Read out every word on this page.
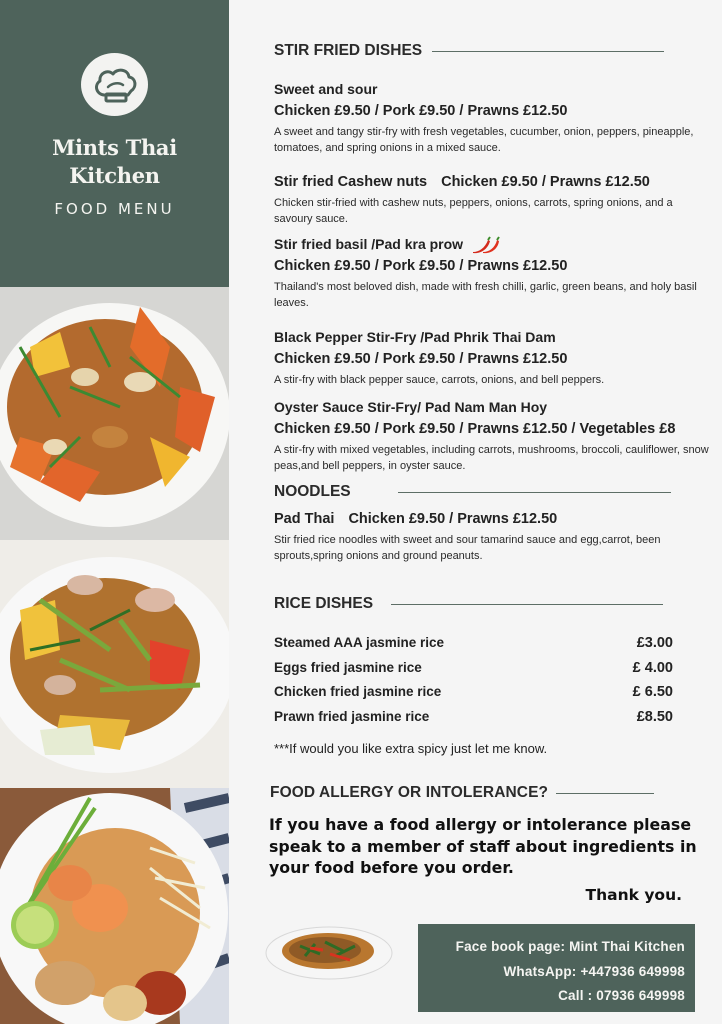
Mints Thai
Kitchen
FOOD MENU
STIR FRIED DISHES
Sweet and sour
Chicken £9.50 / Pork £9.50 / Prawns £12.50
A sweet and tangy stir-fry with fresh vegetables, cucumber, onion, peppers, pineapple, tomatoes, and spring onions in a mixed sauce.
Stir fried Cashew nuts Chicken £9.50 / Prawns £12.50
Chicken stir-fried with cashew nuts, peppers, onions, carrots, spring onions, and a savoury sauce.
Stir fried basil /Pad kra prow
Chicken £9.50 / Pork £9.50 / Prawns £12.50
Thailand's most beloved dish, made with fresh chilli, garlic, green beans, and holy basil leaves.
Black Pepper Stir-Fry /Pad Phrik Thai Dam
Chicken £9.50 / Pork £9.50 / Prawns £12.50
A stir-fry with black pepper sauce, carrots, onions, and bell peppers.
Oyster Sauce Stir-Fry/ Pad Nam Man Hoy
Chicken £9.50 / Pork £9.50 / Prawns £12.50 / Vegetables £8
A stir-fry with mixed vegetables, including carrots, mushrooms, broccoli, cauliflower, snow peas,and bell peppers, in oyster sauce.
NOODLES
Pad Thai Chicken £9.50 / Prawns £12.50
Stir fried rice noodles with sweet and sour tamarind sauce and egg,carrot, been sprouts,spring onions and ground peanuts.
RICE DISHES
Steamed AAA jasmine rice	£3.00
Eggs fried jasmine rice	£ 4.00
Chicken fried jasmine rice	£ 6.50
Prawn fried jasmine rice	£8.50
***If would you like extra spicy just let me know.
FOOD ALLERGY OR INTOLERANCE?
If you have a food allergy or intolerance please speak to a member of staff about ingredients in your food before you order.
Thank you.
Face book page: Mint Thai Kitchen
WhatsApp: +447936 649998
Call : 07936 649998
